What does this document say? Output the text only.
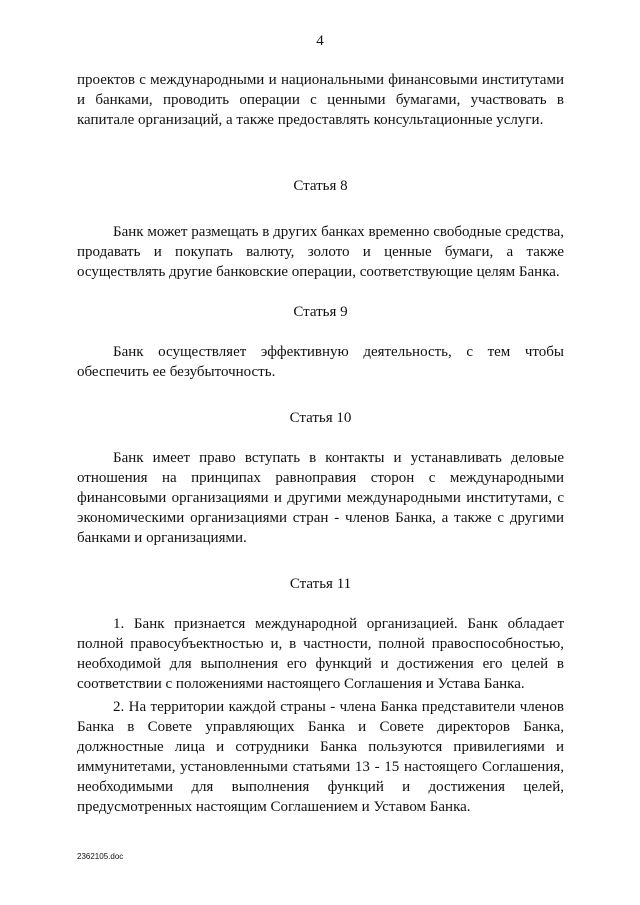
4

проектов с международными и национальными финансовыми институтами и банками, проводить операции с ценными бумагами, участвовать в капитале организаций, а также предоставлять консультационные услуги.

Статья 8

Банк может размещать в других банках временно свободные средства, продавать и покупать валюту, золото и ценные бумаги, а также осуществлять другие банковские операции, соответствующие целям Банка.

Статья 9

Банк осуществляет эффективную деятельность, с тем чтобы обеспечить ее безубыточность.

Статья 10

Банк имеет право вступать в контакты и устанавливать деловые отношения на принципах равноправия сторон с международными финансовыми организациями и другими международными институтами, с экономическими организациями стран - членов Банка, а также с другими банками и организациями.

Статья 11

1. Банк признается международной организацией. Банк обладает полной правосубъектностью и, в частности, полной правоспособностью, необходимой для выполнения его функций и достижения его целей в соответствии с положениями настоящего Соглашения и Устава Банка.

2. На территории каждой страны - члена Банка представители членов Банка в Совете управляющих Банка и Совете директоров Банка, должностные лица и сотрудники Банка пользуются привилегиями и иммунитетами, установленными статьями 13 - 15 настоящего Соглашения, необходимыми для выполнения функций и достижения целей, предусмотренных настоящим Соглашением и Уставом Банка.

2362105.doc
